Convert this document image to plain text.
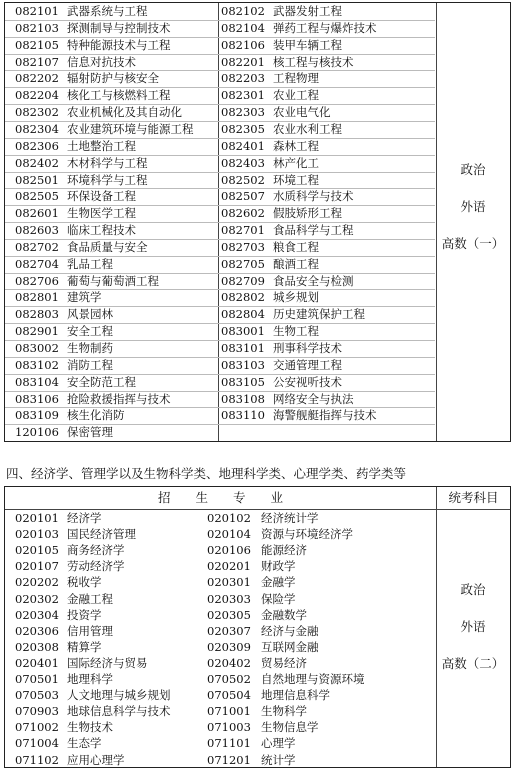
082101 武器系统与工程	082102 武器发射工程
082103 探测制导与控制技术	082104 弹药工程与爆炸技术
082105 特种能源技术与工程	082106 装甲车辆工程
082107 信息对抗技术	082201 核工程与核技术
082202 辐射防护与核安全	082203 工程物理
082204 核化工与核燃料工程	082301 农业工程
082302 农业机械化及其自动化	082303 农业电气化
082304 农业建筑环境与能源工程 082305 农业水利工程
082306 土地整治工程	082401 森林工程
082402 木材科学与工程	082403 林产化工
082501 环境科学与工程	082502 环境工程
082505 环保设备工程	082507 水质科学与技术
082601 生物医学工程	082602 假肢矫形工程
082603 临床工程技术	082701 食品科学与工程
082702 食品质量与安全	082703 粮食工程
082704 乳品工程	082705 酿酒工程
082706 葡萄与葡萄酒工程	082709 食品安全与检测
082801 建筑学	082802 城乡规划
082803 风景园林	082804 历史建筑保护工程
082901 安全工程	083001 生物工程
083002 生物制药	083101 刑事科学技术
083102 消防工程	083103 交通管理工程
083104 安全防范工程	083105 公安视听技术
083106 抢险救援指挥与技术	083108 网络安全与执法
083109 核生化消防	083110 海警舰艇指挥与技术
120106 保密管理
政治
外语
高数（一）
四、经济学、管理学以及生物科学类、地理科学类、心理学类、药学类等
招　　生　　专　　业	统考科目
020101 经济学	020102 经济统计学
020103 国民经济管理	020104 资源与环境经济学
020105 商务经济学	020106 能源经济
020107 劳动经济学	020201 财政学
020202 税收学	020301 金融学
020302 金融工程	020303 保险学
020304 投资学	020305 金融数学
020306 信用管理	020307 经济与金融
020308 精算学	020309 互联网金融
020401 国际经济与贸易	020402 贸易经济
070501 地理科学	070502 自然地理与资源环境
070503 人文地理与城乡规划	070504 地理信息科学
070903 地球信息科学与技术	071001 生物科学
071002 生物技术	071003 生物信息学
071004 生态学	071101 心理学
071102 应用心理学	071201 统计学
政治
外语
高数（二）
